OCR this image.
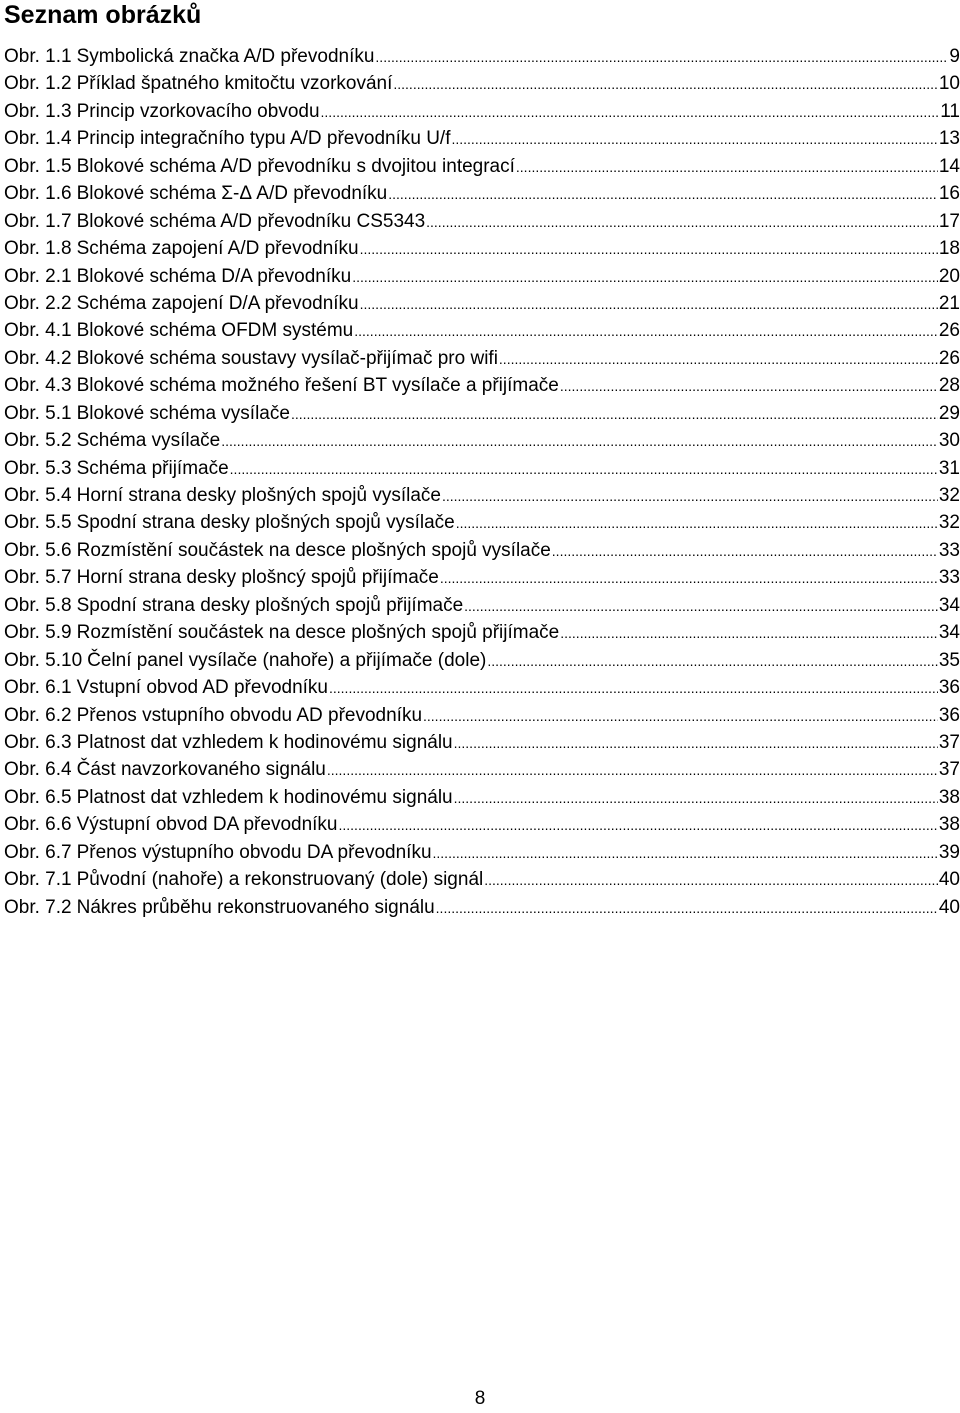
Seznam obrázků
Obr. 1.1 Symbolická značka A/D převodníku .....	9
Obr. 1.2 Příklad špatného kmitočtu vzorkování .....	10
Obr. 1.3 Princip vzorkovacího obvodu .....	11
Obr. 1.4 Princip integračního typu A/D převodníku U/f .....	13
Obr. 1.5 Blokové schéma A/D převodníku s dvojitou integrací .....	14
Obr. 1.6 Blokové schéma Σ-Δ A/D převodníku .....	16
Obr. 1.7 Blokové schéma A/D převodníku CS5343 .....	17
Obr. 1.8 Schéma zapojení A/D převodníku .....	18
Obr. 2.1 Blokové schéma D/A převodníku .....	20
Obr. 2.2 Schéma zapojení D/A převodníku .....	21
Obr. 4.1 Blokové schéma OFDM systému .....	26
Obr. 4.2 Blokové schéma soustavy vysílač-přijímač pro wifi .....	26
Obr. 4.3 Blokové schéma možného řešení BT vysílače a přijímače .....	28
Obr. 5.1 Blokové schéma vysílače .....	29
Obr. 5.2 Schéma vysílače .....	30
Obr. 5.3 Schéma přijímače .....	31
Obr. 5.4 Horní strana desky plošných spojů vysílače .....	32
Obr. 5.5 Spodní strana desky plošných spojů vysílače .....	32
Obr. 5.6 Rozmístění součástek na desce plošných spojů vysílače .....	33
Obr. 5.7 Horní strana desky plošncý spojů přijímače .....	33
Obr. 5.8 Spodní strana desky plošných spojů přijímače .....	34
Obr. 5.9 Rozmístění součástek na desce plošných spojů přijímače .....	34
Obr. 5.10 Čelní panel vysílače (nahoře) a přijímače (dole) .....	35
Obr. 6.1 Vstupní obvod AD převodníku .....	36
Obr. 6.2 Přenos vstupního obvodu AD převodníku .....	36
Obr. 6.3 Platnost dat vzhledem k hodinovému signálu .....	37
Obr. 6.4 Část navzorkovaného signálu .....	37
Obr. 6.5 Platnost dat vzhledem k hodinovému signálu .....	38
Obr. 6.6 Výstupní obvod DA převodníku .....	38
Obr. 6.7 Přenos výstupního obvodu DA převodníku .....	39
Obr. 7.1 Původní (nahoře) a rekonstruovaný (dole) signál .....	40
Obr. 7.2 Nákres průběhu rekonstruovaného signálu .....	40
8
